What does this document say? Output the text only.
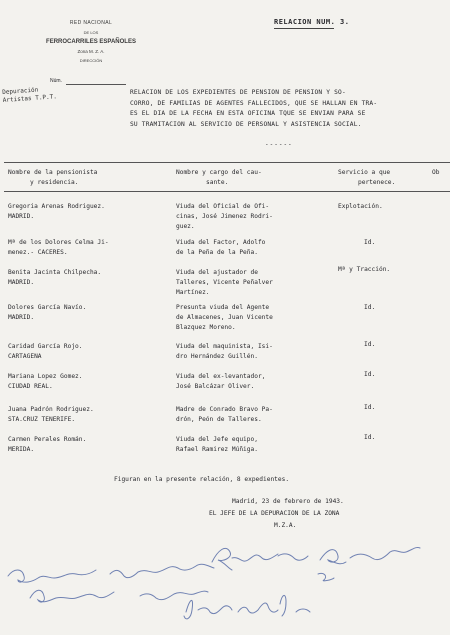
RED NACIONAL
DE LOS
FERROCARRILES ESPAÑOLES
Zona M. Z. A.
DIRECCIÓN
Núm.
RELACION NUM. 3.
Depuración
Artistas T.P.T.
RELACION DE LOS EXPEDIENTES DE PENSION DE PENSION Y SO-
CORRO, DE FAMILIAS DE AGENTES FALLECIDOS, QUE SE HALLAN EN TRA-
ES EL DIA DE LA FECHA EN ESTA OFICINA TQUE SE ENVIAN PARA SE
SU TRAMITACION AL SERVICIO DE PERSONAL Y ASISTENCIA SOCIAL.
------
Nombre de la pensionista
y residencia.
Nombre y cargo del cau-
sante.
Servicio a que
pertenece.
Ob
Gregoria Arenas Rodriguez.
MADRID.
Viuda del Oficial de Ofi-
cinas, José Jimenez Rodri-
guez.
Explotación.
Mª de los Dolores Celma Ji-
menez.- CACERES.
Viuda del Factor, Adolfo
de la Peña de la Peña.
Id.
Benita Jacinta Chilpecha.
MADRID.
Viuda del ajustador de
Talleres, Vicente Peñalver
Martínez.
Mª y Tracción.
Dolores García Navío.
MADRID.
Presunta viuda del Agente
de Almacenes, Juan Vicente
Blazquez Moreno.
Id.
Caridad García Rojo.
CARTAGENA
Viuda del maquinista, Isi-
dro Hernández Guillén.
Id.
Mariana Lopez Gomez.
CIUDAD REAL.
Viuda del ex-levantador,
José Balcázar Oliver.
Id.
Juana Padrón Rodriguez.
STA.CRUZ TENERIFE.
Madre de Conrado Bravo Pa-
drón, Peón de Talleres.
Id.
Carmen Perales Román.
MERIDA.
Viuda del Jefe equipo,
Rafael Ramirez Múñiga.
Id.
Figuran en la presente relación, 8 expedientes.
Madrid, 23 de febrero de 1943.
EL JEFE DE LA DEPURACION DE LA ZONA
M.Z.A.
